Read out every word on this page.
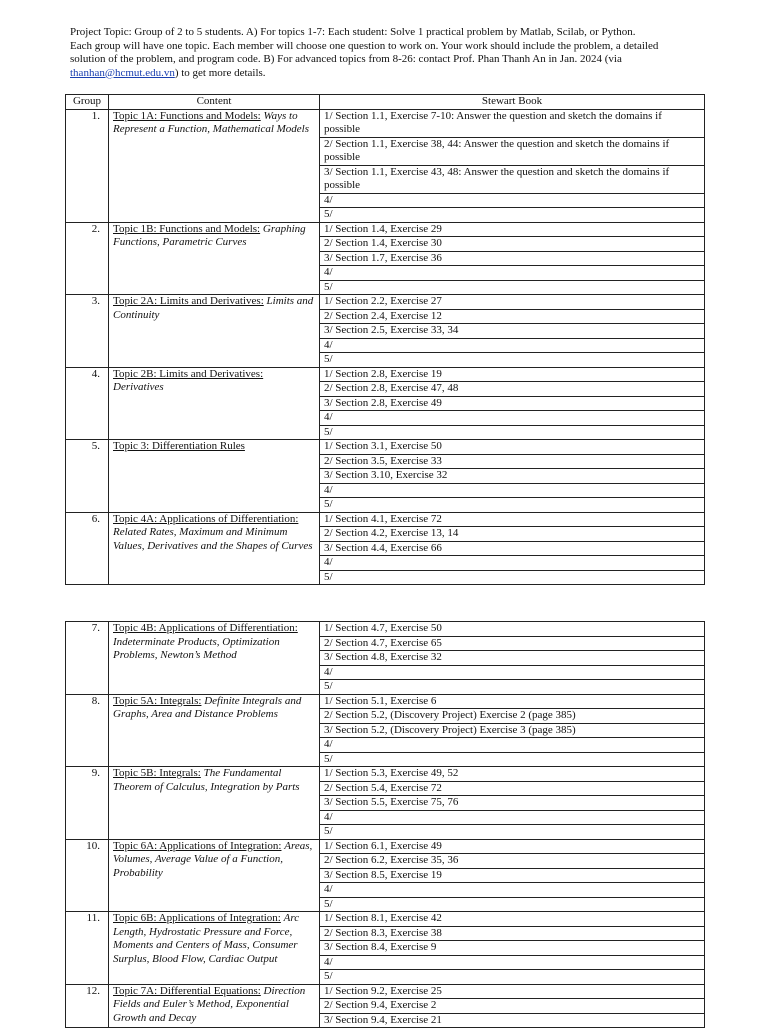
Project Topic: Group of 2 to 5 students. A) For topics 1-7: Each student: Solve 1 practical problem by Matlab, Scilab, or Python.
Each group will have one topic. Each member will choose one question to work on. Your work should include the problem, a detailed
solution of the problem, and program code. B) For advanced topics from 8-26: contact Prof. Phan Thanh An in Jan. 2024 (via
thanhan@hcmut.edu.vn) to get more details.
Group	Content	Stewart Book
1.	Topic 1A: Functions and Models: Ways to Represent a Function, Mathematical Models	1/ Section 1.1, Exercise 7-10: Answer the question and sketch the domains if possible
		2/ Section 1.1, Exercise 38, 44: Answer the question and sketch the domains if possible
		3/ Section 1.1, Exercise 43, 48: Answer the question and sketch the domains if possible
		4/
		5/
2.	Topic 1B: Functions and Models: Graphing Functions, Parametric Curves	1/ Section 1.4, Exercise 29
		2/ Section 1.4, Exercise 30
		3/ Section 1.7, Exercise 36
		4/
		5/
3.	Topic 2A: Limits and Derivatives: Limits and Continuity	1/ Section 2.2, Exercise 27
		2/ Section 2.4, Exercise 12
		3/ Section 2.5, Exercise 33, 34
		4/
		5/
4.	Topic 2B: Limits and Derivatives: Derivatives	1/ Section 2.8, Exercise 19
		2/ Section 2.8, Exercise 47, 48
		3/ Section 2.8, Exercise 49
		4/
		5/
5.	Topic 3: Differentiation Rules	1/ Section 3.1, Exercise 50
		2/ Section 3.5, Exercise 33
		3/ Section 3.10, Exercise 32
		4/
		5/
6.	Topic 4A: Applications of Differentiation: Related Rates, Maximum and Minimum Values, Derivatives and the Shapes of Curves	1/ Section 4.1, Exercise 72
		2/ Section 4.2, Exercise 13, 14
		3/ Section 4.4, Exercise 66
		4/
		5/
7.	Topic 4B: Applications of Differentiation: Indeterminate Products, Optimization Problems, Newton’s Method	1/ Section 4.7, Exercise 50
		2/ Section 4.7, Exercise 65
		3/ Section 4.8, Exercise 32
		4/
		5/
8.	Topic 5A: Integrals: Definite Integrals and Graphs, Area and Distance Problems	1/ Section 5.1, Exercise 6
		2/ Section 5.2, (Discovery Project) Exercise 2 (page 385)
		3/ Section 5.2, (Discovery Project) Exercise 3 (page 385)
		4/
		5/
9.	Topic 5B: Integrals: The Fundamental Theorem of Calculus, Integration by Parts	1/ Section 5.3, Exercise 49, 52
		2/ Section 5.4, Exercise 72
		3/ Section 5.5, Exercise 75, 76
		4/
		5/
10.	Topic 6A: Applications of Integration: Areas, Volumes, Average Value of a Function, Probability	1/ Section 6.1, Exercise 49
		2/ Section 6.2, Exercise 35, 36
		3/ Section 8.5, Exercise 19
		4/
		5/
11.	Topic 6B: Applications of Integration: Arc Length, Hydrostatic Pressure and Force, Moments and Centers of Mass, Consumer Surplus, Blood Flow, Cardiac Output	1/ Section 8.1, Exercise 42
		2/ Section 8.3, Exercise 38
		3/ Section 8.4, Exercise 9
		4/
		5/
12.	Topic 7A: Differential Equations: Direction Fields and Euler’s Method, Exponential Growth and Decay	1/ Section 9.2, Exercise 25
		2/ Section 9.4, Exercise 2
		3/ Section 9.4, Exercise 21
